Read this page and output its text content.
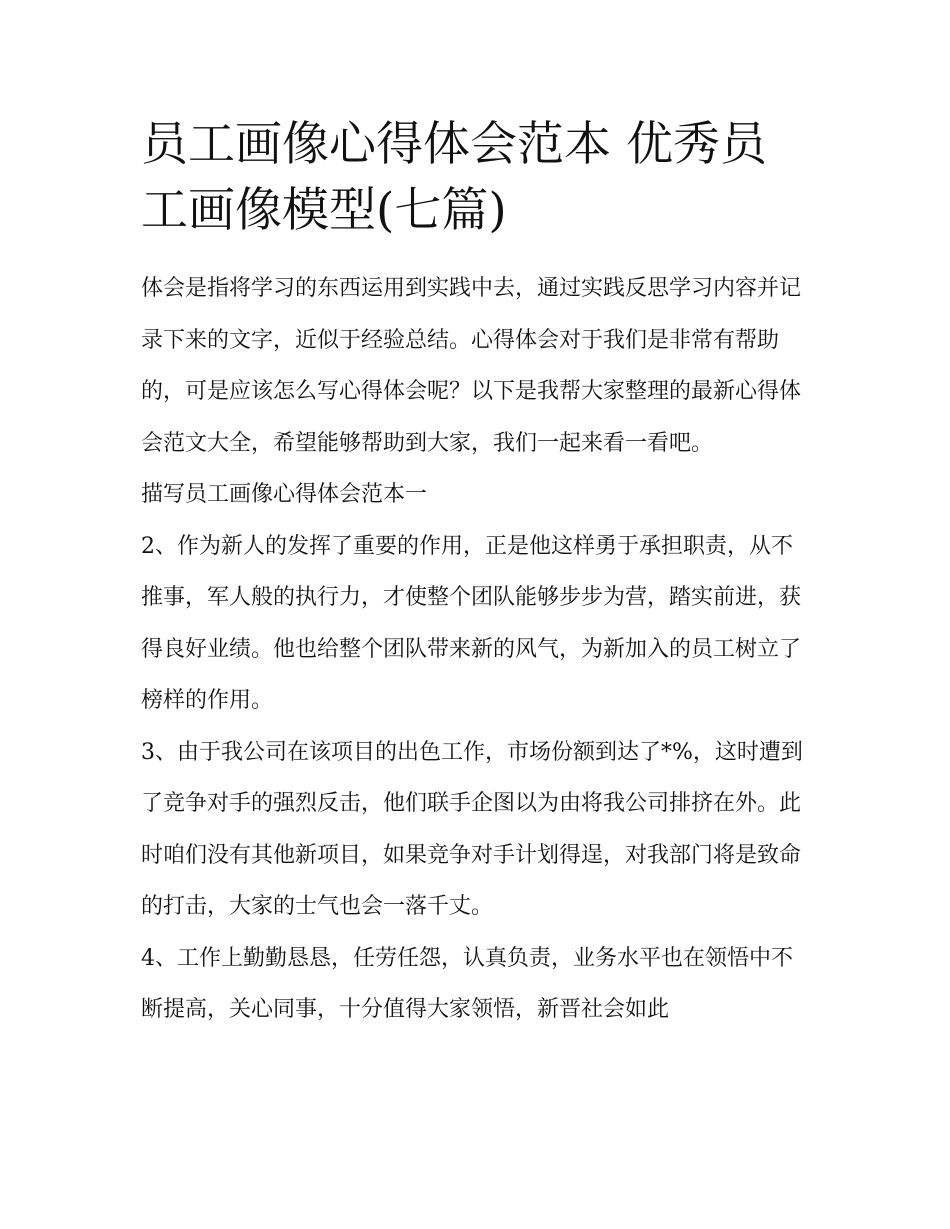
员工画像心得体会范本 优秀员工画像模型(七篇)

体会是指将学习的东西运用到实践中去，通过实践反思学习内容并记录下来的文字，近似于经验总结。心得体会对于我们是非常有帮助的，可是应该怎么写心得体会呢？以下是我帮大家整理的最新心得体会范文大全，希望能够帮助到大家，我们一起来看一看吧。

描写员工画像心得体会范本一

2、作为新人的发挥了重要的作用，正是他这样勇于承担职责，从不推事，军人般的执行力，才使整个团队能够步步为营，踏实前进，获得良好业绩。他也给整个团队带来新的风气，为新加入的员工树立了榜样的作用。

3、由于我公司在该项目的出色工作，市场份额到达了*%，这时遭到了竞争对手的强烈反击，他们联手企图以为由将我公司排挤在外。此时咱们没有其他新项目，如果竞争对手计划得逞，对我部门将是致命的打击，大家的士气也会一落千丈。

4、工作上勤勤恳恳，任劳任怨，认真负责，业务水平也在领悟中不断提高，关心同事，十分值得大家领悟，新晋社会如此
